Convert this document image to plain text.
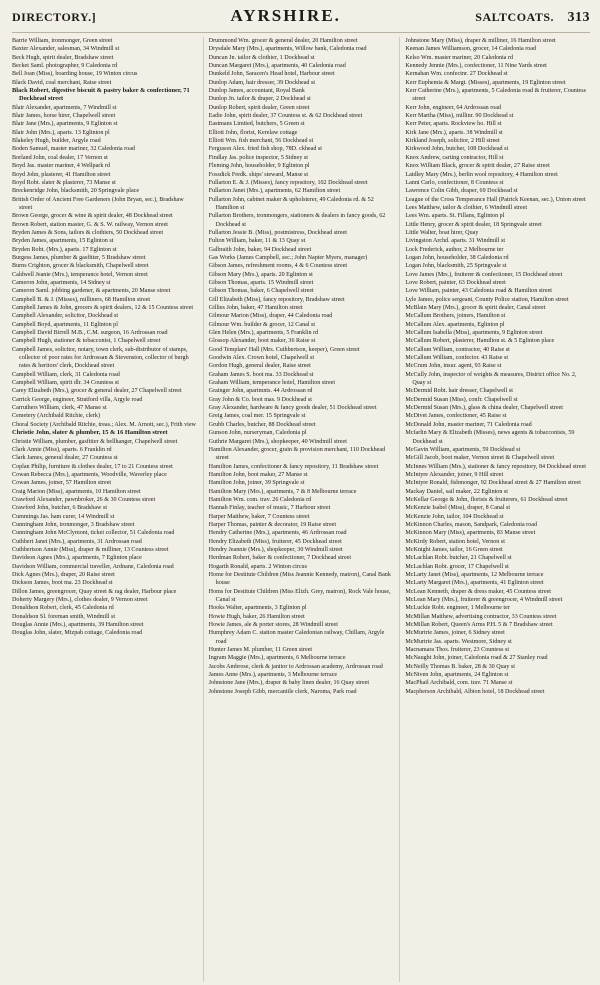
DIRECTORY.]	AYRSHIRE.	SALTCOATS. 313

Barrie William, ironmonger, Green street

Baxter Alexander, salesman, 34 Windmill st

Beck Hugh, spirit dealer, Bradshaw street

Becket Saml. photographer, 9 Caledonia rd

Bell Joan (Miss), boarding house, 19 Winton circus

Black David, coal merchant, Raise street

Black Robert, digestive biscuit & pastry baker & confectioner, 71 Dockhead street

Blair Alexander, apartments, 7 Windmill st

Blair James, horse hirer, Chapelwell street

Blair Jane (Mrs.), apartments, 9 Eglinton st

Blair John (Mrs.), aparts. 13 Eglinton pl

Blakeley Hugh, builder, Argyle road

Boden Samuel, master mariner, 32 Caledonia road

Borland John, coal dealer, 17 Vernon st

Boyd Jas. master mariner, 4 Wellpark rd

Boyd John, plasterer, 41 Hamilton street

Boyd Robt. slater & plasterer, 73 Manse st

Breckenridge John, blacksmith, 20 Springvale place

British Order of Ancient Free Gardeners (John Bryan, sec.), Bradshaw street

Brown George, grocer & wine & spirit dealer, 48 Dockhead street

Brown Robert, station master, G. & S. W. railway, Vernon street

Bryden James & Sons, tailors & clothiers, 50 Dockhead street

Bryden James, apartments, 15 Eglinton st

Bryden Robt. (Mrs.), aparts. 17 Eglinton st

Burgess James, plumber & gasfitter, 5 Bradshaw street

Burns Crighton, grocer & blacksmith, Chapelwell street

Caldwell Jeanie (Mrs.), temperance hotel, Vernon street

Cameron John, apartments, 14 Sidney st

Cameron Saml. jobbing gardener, & apartments, 20 Manse street

Campbell B. & J. (Misses), milliners, 68 Hamilton street

Campbell James & John, grocers & spirit dealers, 12 & 15 Countess street

Campbell Alexander, solicitor, Dockhead st

Campbell Boyd, apartments, 11 Eglinton pl

Campbell David Birrell M.B., C.M. surgeon, 16 Ardrossan road

Campbell Hugh, stationer & tobacconist, 1 Chapelwell street

Campbell James, solicitor, notary, town clerk, sub-distributor of stamps, collector of poor rates for Ardrossan & Stevenston, collector of burgh rates & heritors' clerk, Dockhead street

Campbell William, clerk, 31 Caledonia road

Campbell William, spirit dlr. 34 Countess st

Carey Elizabeth (Mrs.), grocer & general dealer, 27 Chapelwell street

Carrick George, engineer, Stratford villa, Argyle road

Carruthers William, clerk, 47 Manse st

Cemetery (Archibald Ritchie, clerk)

Choral Society (Archibald Ritchie, treas.; Alex. M. Arnott, sec.), Frith view

Christie John, slater & plumber, 15 & 16 Hamilton street

Christie William, plumber, gasfitter & bellhanger, Chapelwell street

Clark Annie (Miss), aparts. 6 Franklin rd

Clark James, general dealer, 27 Countess st

Coplan Philip, furniture & clothes dealer, 17 to 21 Countess street

Cowan Rebecca (Mrs.), apartments, Woodville, Waverley place

Cowan James, joiner, 57 Hamilton street

Craig Marion (Miss), apartments, 10 Hamilton street

Crawford Alexander, pawnbroker, 26 & 30 Countess street

Crawford John, butcher, 6 Bradshaw st

Cummings Jas. ham curer, 14 Windmill st

Cunningham John, ironmonger, 3 Bradshaw street

Cunningham John McClymont, ticket collector, 51 Caledonia road

Cuthbert Janet (Mrs.), apartments, 31 Ardrossan road

Cuthbertson Annie (Miss), draper & milliner, 13 Countess street

Davidson Agnes (Mrs.), apartments, 7 Eglinton place

Davidson William, commercial traveller, Ardnane, Caledonia road

Dick Agnes (Mrs.), draper, 20 Raise street

Dickson James, boot ma. 23 Dockhead st

Dillon James, greengrocer, Quay street & rag dealer, Harbour place

Doherty Margery (Mrs.), clothes dealer, 9 Vernon street

Donaldson Robert, clerk, 45 Caledonia rd

Donaldson Sl. foreman smith, Windmill st

Douglas Annie (Mrs.), apartments, 39 Hamilton street

Douglas John, slater, Mizpah cottage, Caledonia road

Drummond Wm. grocer & general dealer, 20 Hamilton street

Drysdale Mary (Mrs.), apartments, Willow bank, Caledonia road

Duncan Jn. tailor & clothier, 1 Dockhead st

Duncan Margaret (Mrs.), apartments, 40 Caledonia road

Dunkeld John, Saracen's Head hotel, Harbour street

Dunlop Adam, hair dresser, 39 Dockhead st

Dunlop James, accountant, Royal Bank

Dunlop Jn. tailor & draper, 2 Dockhead st

Dunlop Robert, spirit dealer, Green street

Eadie John, spirit dealer, 37 Countess st. & 62 Dockhead street

Eastmans Limited, butchers, 5 Green st

Elliott John, florist, Kerelaw cottage

Elliott Wm. fish merchant, 56 Dockhead st

Ferguson Alex. fried fish shop, 78D. ckhead st

Findlay Jas. police inspector, 5 Sidney st

Fleming John, householder, 9 Eglinton pl

Fossdick Fredk. ships' steward, Manse st

Fullarton E. & J. (Misses), fancy repository, 102 Dockhead street

Fullarton Janet (Mrs.), apartments, 62 Hamilton street

Fullarton John, cabinet maker & upholsterer, 49 Caledonia rd. & 52 Hamilton st

Fullarton Brothers, ironmongers, stationers & dealers in fancy goods, 62 Dockhead st

Fullarton Jessie B. (Miss), postmistress, Dockhead street

Fulton William, baker, 11 & 13 Quay st

Galbraith John, baker, 94 Dockhead street

Gas Works (James Campbell, sec.; John Napier Myers, manager)

Gibson James, refreshment rooms, 4 & 6 Countess street

Gibson Mary (Mrs.), aparts. 20 Eglinton st

Gibson Thomas, aparts. 15 Windmill street

Gibson Thomas, baker, 6 Chapelwell street

Gill Elizabeth (Miss), fancy repository, Bradshaw street

Gillies John, baker, 47 Hamilton street

Gilmour Marion (Miss), draper, 44 Caledonia road

Gilmour Wm. builder & grocer, 12 Canal st

Glen Helen (Mrs.), apartments, 5 Franklin rd

Glossop Alexander, boot maker, 36 Raise st

Good Templars' Hall (Mrs. Cuthbertson, keeper), Green street

Goodwin Alex. Crown hotel, Chapelwell st

Gordon Hugh, general dealer, Raise street

Graham James S. boot ma. 33 Dockhead st

Graham William, temperance hotel, Hamilton street

Grainger John, apartmnts. 44 Ardrossan rd

Gray John & Co. boot mas. 9 Dockhead st

Gray Alexander, hardware & fancy goods dealer, 51 Dockhead street

Greig James, coal mer. 15 Springvale st

Grubb Charles, butcher, 88 Dockhead street

Gunson John, nurseryman, Caledonia pl

Guthrie Margaret (Mrs.), shopkeeper, 40 Windmill street

Hamilton Alexander, grocer, grain & provision merchant, 110 Dockhead street

Hamilton James, confectioner & fancy repository, 11 Bradshaw street

Hamilton John, boot maker, 27 Manse st

Hamilton John, joiner, 39 Springvale st

Hamilton Mary (Mrs.), apartments, 7 & 8 Melbourne terrace

Hamilton Wm. com. trav. 26 Caledonia rd

Hannah Finlay, teacher of music, 7 Harbour street

Harper Matthew, baker, 7 Countess street

Harper Thomas, painter & decorator, 19 Raise street

Hendry Catherine (Mrs.), apartments, 46 Ardrossan road

Hendry Elizabeth (Miss), fruiterer, 45 Dockhead street

Hendry Jeannie (Mrs.), shopkeeper, 30 Windmill street

Herdman Robert, baker & confectioner, 7 Dockhead street

Hogarth Ronald, aparts. 2 Winton circus

Home for Destitute Children (Miss Jeannie Kennedy, matron), Canal Bank house

Homs for Destitute Children (Miss Elizh. Grey, matron), Rock Vale house, Canal st

Hooks Walter, apartments, 3 Eglinton pl

Howie Hugh, baker, 26 Hamilton street

Howie James, ale & porter stores, 28 Windmill street

Humphrey Adam C. station master Caledonian railway, Chillam, Argyle road

Hunter James M. plumber, 11 Green street

Ingram Maggie (Mrs.), apartments, 6 Melbourne terrace

Jacobs Ambrose, clerk & janitor to Ardrossan academy, Ardrossan road

James Anne (Mrs.), apartments, 3 Melbourne terrace

Johnstone Jane (Mrs.), draper & baby linen dealer, 16 Quay street

Johnstone Joseph Gibb, mercantile clerk, Naroma, Park road

Johnstone Mary (Miss), draper & milliner, 16 Hamilton street

Keenan James Williamson, grocer, 14 Caledonia road

Kelso Wm. master mariner, 20 Caledonia rd

Kennedy Jennie (Mrs.), confectioner, 11 Nine Yards street

Kernahan Wm. confectnr. 27 Dockhead st

Kerr Euphemia & Margt. (Misses), apartments, 19 Eglinton street

Kerr Catherine (Mrs.), apartments, 5 Caledonia road & fruiterer, Countess street

Kerr John, engineer, 64 Ardrossan road

Kerr Martha (Miss), millinr. 90 Dockhead st

Kerr Peter, aparts. Rockview ho. Hill st

Kirk Jane (Mrs.), aparts. 38 Windmill st

Kirkland Joseph, solicitor, 2 Hill street

Kirkwood John, butcher, 108 Dockhead st

Knox Andrew, carting contractor, Hill st

Knox William Black, grocer & spirit dealer, 27 Raise street

Laidley Mary (Mrs.), berlin wool repository, 4 Hamilton street

Lanni Carlo, confectioner, 8 Countess st

Lawrence Colin Gibb, draper, 69 Dockhead st

League of the Cross Temperance Hall (Patrick Keenan, sec.), Union street

Lees Matthew, tailor & clothier, 6 Windmill street

Lees Wm. aparts. St. Fillans, Eglinton pl

Little Henry, grocer & spirit dealer, 18 Springvale street

Little Walter, boat hirer, Quay

Livingston Archd. aparts. 31 Windmill st

Lock Frederick, author, 2 Melbourne ter

Logan John, householder, 38 Caledonia rd

Logan John, blacksmith, 25 Springvale st

Love James (Mrs.), fruiterer & confectioner, 15 Dockhead street

Love Robert, painter, 63 Dockhead street

Love William, painter, 43 Caledonia road & Hamilton street

Lyle James, police sergeant, County Police station, Hamilton street

McBlain Mary (Mrs.), grocer & spirit dealer, Canal street

McCallum Brothers, joiners, Hamilton st

McCallum Alex. apartments, Eglinton pl

McCallum Isabella (Miss), apartments, 9 Eglinton street

McCallum Robert, plasterer, Hamilton st. & 5 Eglinton place

McCallum William, contractor, 40 Raise st

McCallum William, confector. 43 Raise st

McCrum John, insur. agent, 93 Raise st

McCully John, inspector of weights & measures, District office No. 2, Quay st

McDermid Robt. hair dresser, Chapelwell st

McDermid Susan (Miss), confr. Chapelwell st

McDermid Susan (Mrs.), glass & china dealer, Chapelwell street

McDivet James, confectioner, 45 Raise st

McDonald John, master mariner, 71 Caledonia road

Mcfarlin Mary & Elizabeth (Misses), news agents & tobacconists, 59 Dockhead st

McGavin William, apartments, 59 Dockhead st

McGill Jacob, boot maker, Vernon street & Chapelwell street

McInnes William (Mrs.), stationer & fancy repository, 84 Dockhead street

McIntyre Alexander, joiner, 9 Hill street

McIntyre Ronald, fishmonger, 92 Dockhead street & 27 Hamilton street

Mackay Daniel, sail maker, 22 Eglinton st

McKellar George & John, florists & fruiterers, 61 Dockhead street

McKenzie Isabel (Miss), draper, 8 Canal st

McKenzie John, tailor, 104 Dockhead st

McKinnon Charles, mason, Sandpark, Caledonia road

McKinnon Mary (Miss), apartments, 83 Manse street

McKirdy Robert, station hotel, Vernon st

McKnight James, tailor, 16 Green street

McLachlan Robt. butcher, 21 Chapelwell st

McLachlan Robt. grocer, 17 Chapelwell st

McLarty Janet (Miss), apartments, 12 Melbourne terrace

McLarty Margaret (Mrs.), apartments, 41 Eglinton street

McLean Kenneth, draper & dress maker, 45 Countess street

McLean Mary (Mrs.), fruiterer & greengrocer, 4 Windmill street

McLuckie Robt. engineer, 1 Melbourne ter

McMillan Matthew, advertising contractor, 33 Countess street

McMillan Robert, Queen's Arms P.H. 5 & 7 Bradshaw street

McMurtrie James, joiner, 6 Sidney street

McMurtrie Jas. aparts. Westmore, Sidney st

Macnamara Thos. fruiterer, 23 Countess st

McNaught John, joiner, Caledonia road & 27 Stanley road

McNeilly Thomas B. baker, 28 & 30 Quay st

McNiven John, apartments, 24 Eglinton st

MacPhail Archibald, com. trav. 71 Manse st

Macpherson Archibald, Albion hotel, 18 Dockhead street
